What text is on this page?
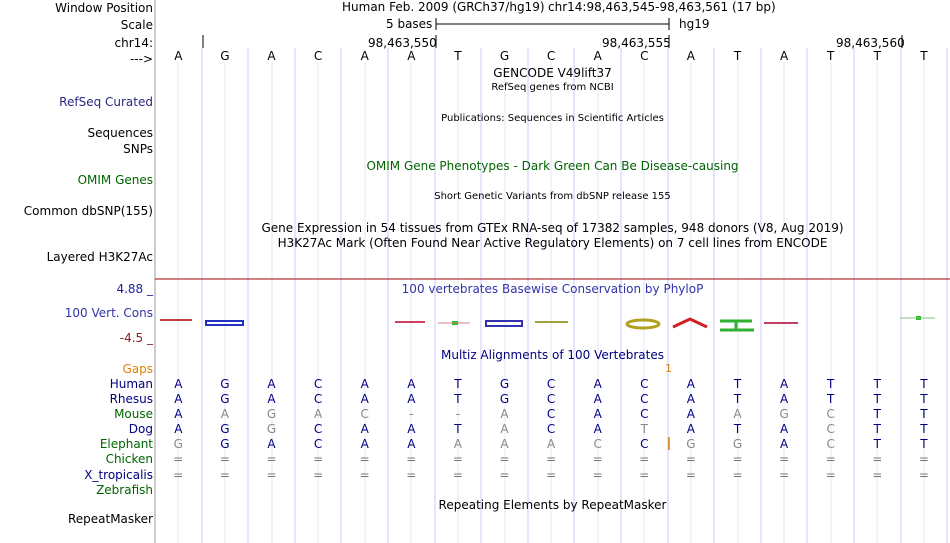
Window Position	Human Feb. 2009 (GRCh37/hg19) chr14:98,463,545-98,463,561 (17 bp)
Scale	5 bases	hg19
chr14:	98,463,550	98,463,555	98,463,560
--->	A	G	A	C	A	A	T	G	C	A	C	A	T	A	T	T	T
GENCODE V49lift37
RefSeq genes from NCBI
RefSeq Curated
Publications: Sequences in Scientific Articles
Sequences
SNPs
OMIM Gene Phenotypes - Dark Green Can Be Disease-causing
OMIM Genes
Short Genetic Variants from dbSNP release 155
Common dbSNP(155)
Gene Expression in 54 tissues from GTEx RNA-seq of 17382 samples, 948 donors (V8, Aug 2019)
H3K27Ac Mark (Often Found Near Active Regulatory Elements) on 7 cell lines from ENCODE
Layered H3K27Ac
4.88 _	100 vertebrates Basewise Conservation by PhyloP
100 Vert. Cons
-4.5 _
Multiz Alignments of 100 Vertebrates
Gaps	1
Human	A	G	A	C	A	A	T	G	C	A	C	A	T	A	T	T	T
Rhesus	A	G	A	C	A	A	T	G	C	A	C	A	T	A	T	T	T
Mouse	A	A	G	A	C	-	-	A	C	A	C	A	A	G	C	T	T
Dog	A	G	G	C	A	A	T	A	C	A	T	A	T	A	C	T	T
Elephant	G	G	A	C	A	A	A	A	A	C	C	G	G	A	C	T	T
Chicken	=	=	=	=	=	=	=	=	=	=	=	=	=	=	=	=	=
X_tropicalis	=	=	=	=	=	=	=	=	=	=	=	=	=	=	=	=	=
Zebrafish
Repeating Elements by RepeatMasker
RepeatMasker
